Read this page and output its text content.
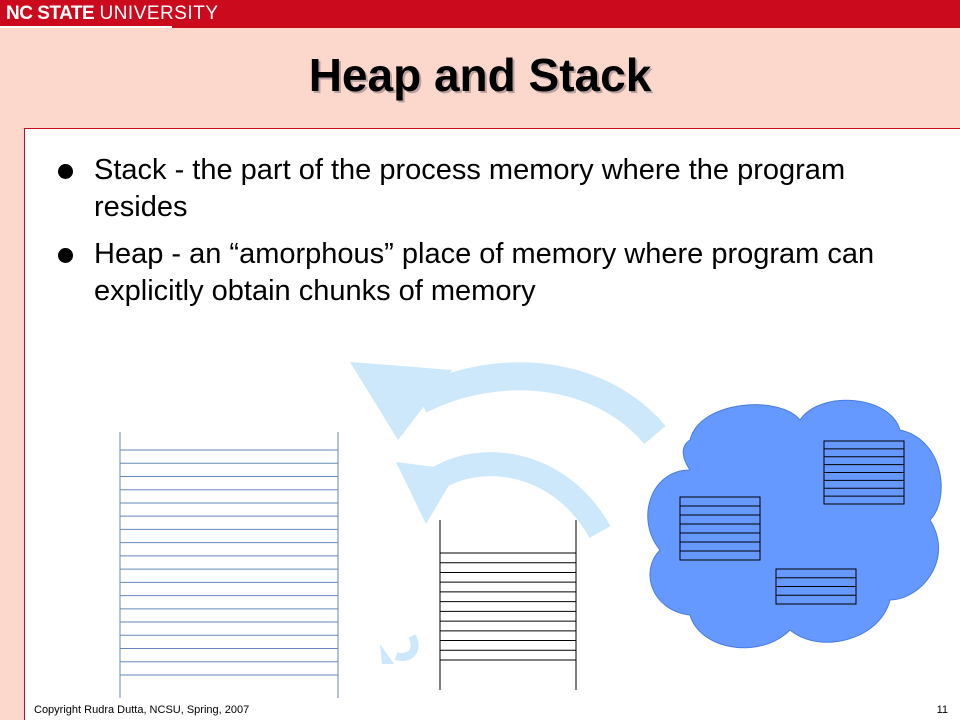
NC STATE UNIVERSITY
Heap and Stack
Stack - the part of the process memory where the program resides
Heap - an “amorphous” place of memory where program can explicitly obtain chunks of memory
Copyright Rudra Dutta, NCSU, Spring, 2007	11
